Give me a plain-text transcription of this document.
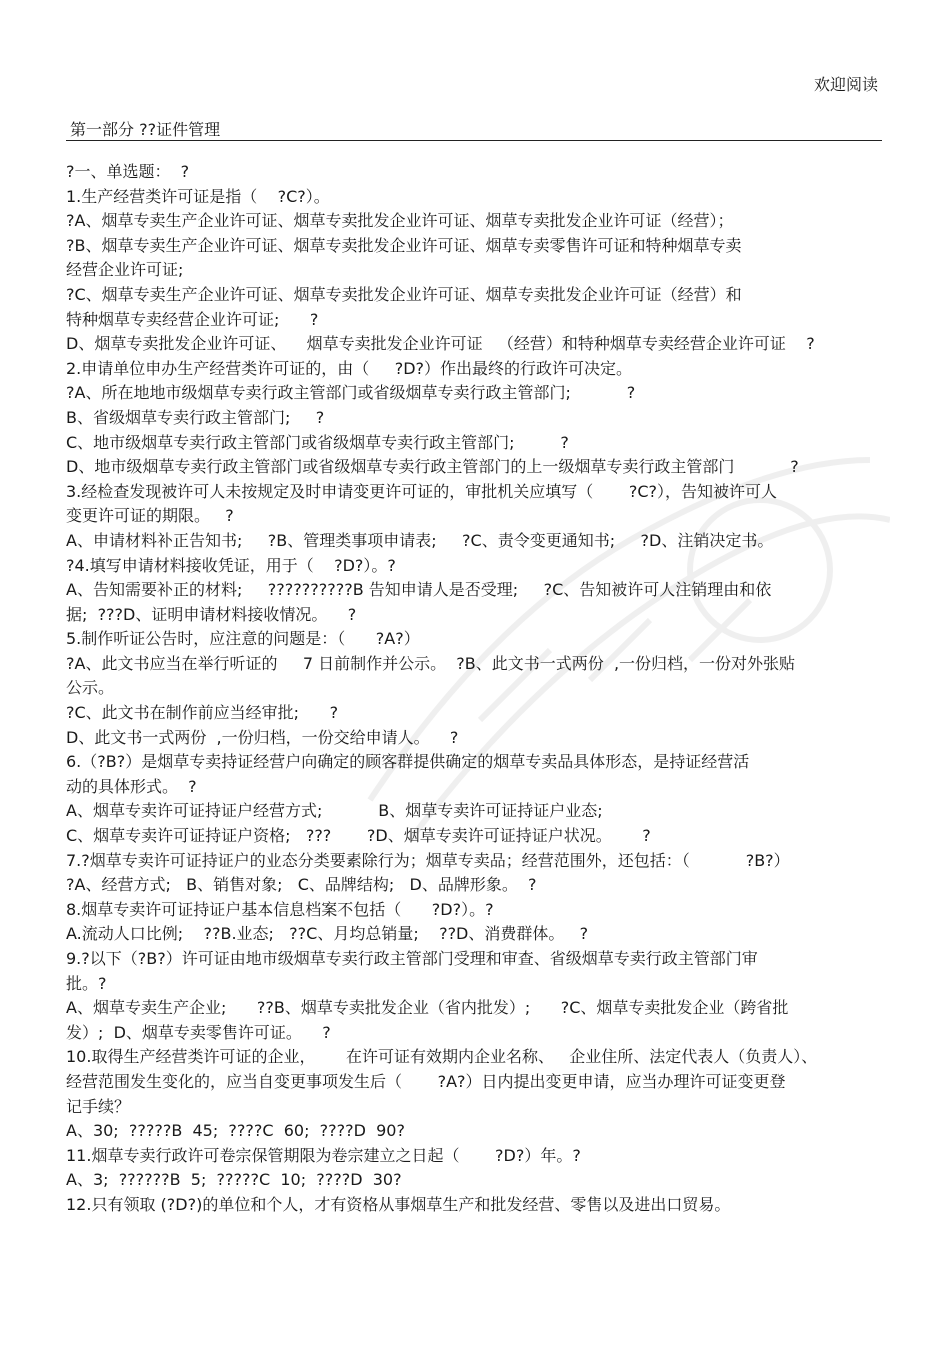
欢迎阅读
第一部分 ??证件管理
?一、单选题：  ?
1.生产经营类许可证是指（    ?C?）。
?A、烟草专卖生产企业许可证、烟草专卖批发企业许可证、烟草专卖批发企业许可证（经营）；
?B、烟草专卖生产企业许可证、烟草专卖批发企业许可证、烟草专卖零售许可证和特种烟草专卖
经营企业许可证;
?C、烟草专卖生产企业许可证、烟草专卖批发企业许可证、烟草专卖批发企业许可证（经营）和
特种烟草专卖经营企业许可证;      ?
D、烟草专卖批发企业许可证、    烟草专卖批发企业许可证   （经营）和特种烟草专卖经营企业许可证    ?
2.申请单位申办生产经营类许可证的，由（     ?D?）作出最终的行政许可决定。
?A、所在地地市级烟草专卖行政主管部门或省级烟草专卖行政主管部门;           ?
B、省级烟草专卖行政主管部门;     ?
C、地市级烟草专卖行政主管部门或省级烟草专卖行政主管部门;         ?
D、地市级烟草专卖行政主管部门或省级烟草专卖行政主管部门的上一级烟草专卖行政主管部门           ?
3.经检查发现被许可人未按规定及时申请变更许可证的，审批机关应填写（       ?C?），告知被许可人
变更许可证的期限。   ?
A、申请材料补正告知书;     ?B、管理类事项申请表;     ?C、责令变更通知书;     ?D、注销决定书。
?4.填写申请材料接收凭证，用于（    ?D?）。?
A、告知需要补正的材料;     ??????????B 告知申请人是否受理;     ?C、告知被许可人注销理由和依
据;  ???D、证明申请材料接收情况。    ?
5.制作听证公告时，应注意的问题是：（      ?A?）
?A、此文书应当在举行听证的     7 日前制作并公示。  ?B、此文书一式两份  ,一份归档，一份对外张贴
公示。
?C、此文书在制作前应当经审批;      ?
D、此文书一式两份  ,一份归档，一份交给申请人。    ?
6.（?B?）是烟草专卖持证经营户向确定的顾客群提供确定的烟草专卖品具体形态，是持证经营活
动的具体形式。  ?
A、烟草专卖许可证持证户经营方式;           B、烟草专卖许可证持证户业态;
C、烟草专卖许可证持证户资格;   ???       ?D、烟草专卖许可证持证户状况。      ?
7.?烟草专卖许可证持证户的业态分类要素除行为；烟草专卖品；经营范围外，还包括：（           ?B?）
?A、经营方式;   B、销售对象;   C、品牌结构;   D、品牌形象。  ?
8.烟草专卖许可证持证户基本信息档案不包括（      ?D?）。?
A.流动人口比例;    ??B.业态;   ??C、月均总销量;    ??D、消费群体。   ?
9.?以下（?B?）许可证由地市级烟草专卖行政主管部门受理和审查、省级烟草专卖行政主管部门审
批。?
A、烟草专卖生产企业;      ??B、烟草专卖批发企业（省内批发）;      ?C、烟草专卖批发企业（跨省批
发）;  D、烟草专卖零售许可证。    ?
10.取得生产经营类许可证的企业，      在许可证有效期内企业名称、   企业住所、法定代表人（负责人）、
经营范围发生变化的，应当自变更事项发生后（       ?A?）日内提出变更申请，应当办理许可证变更登
记手续？
A、30;  ?????B  45;  ????C  60;  ????D  90?
11.烟草专卖行政许可卷宗保管期限为卷宗建立之日起（       ?D?）年。?
A、3;  ??????B  5;  ?????C  10;  ????D  30?
12.只有领取 (?D?)的单位和个人，才有资格从事烟草生产和批发经营、零售以及进出口贸易。
